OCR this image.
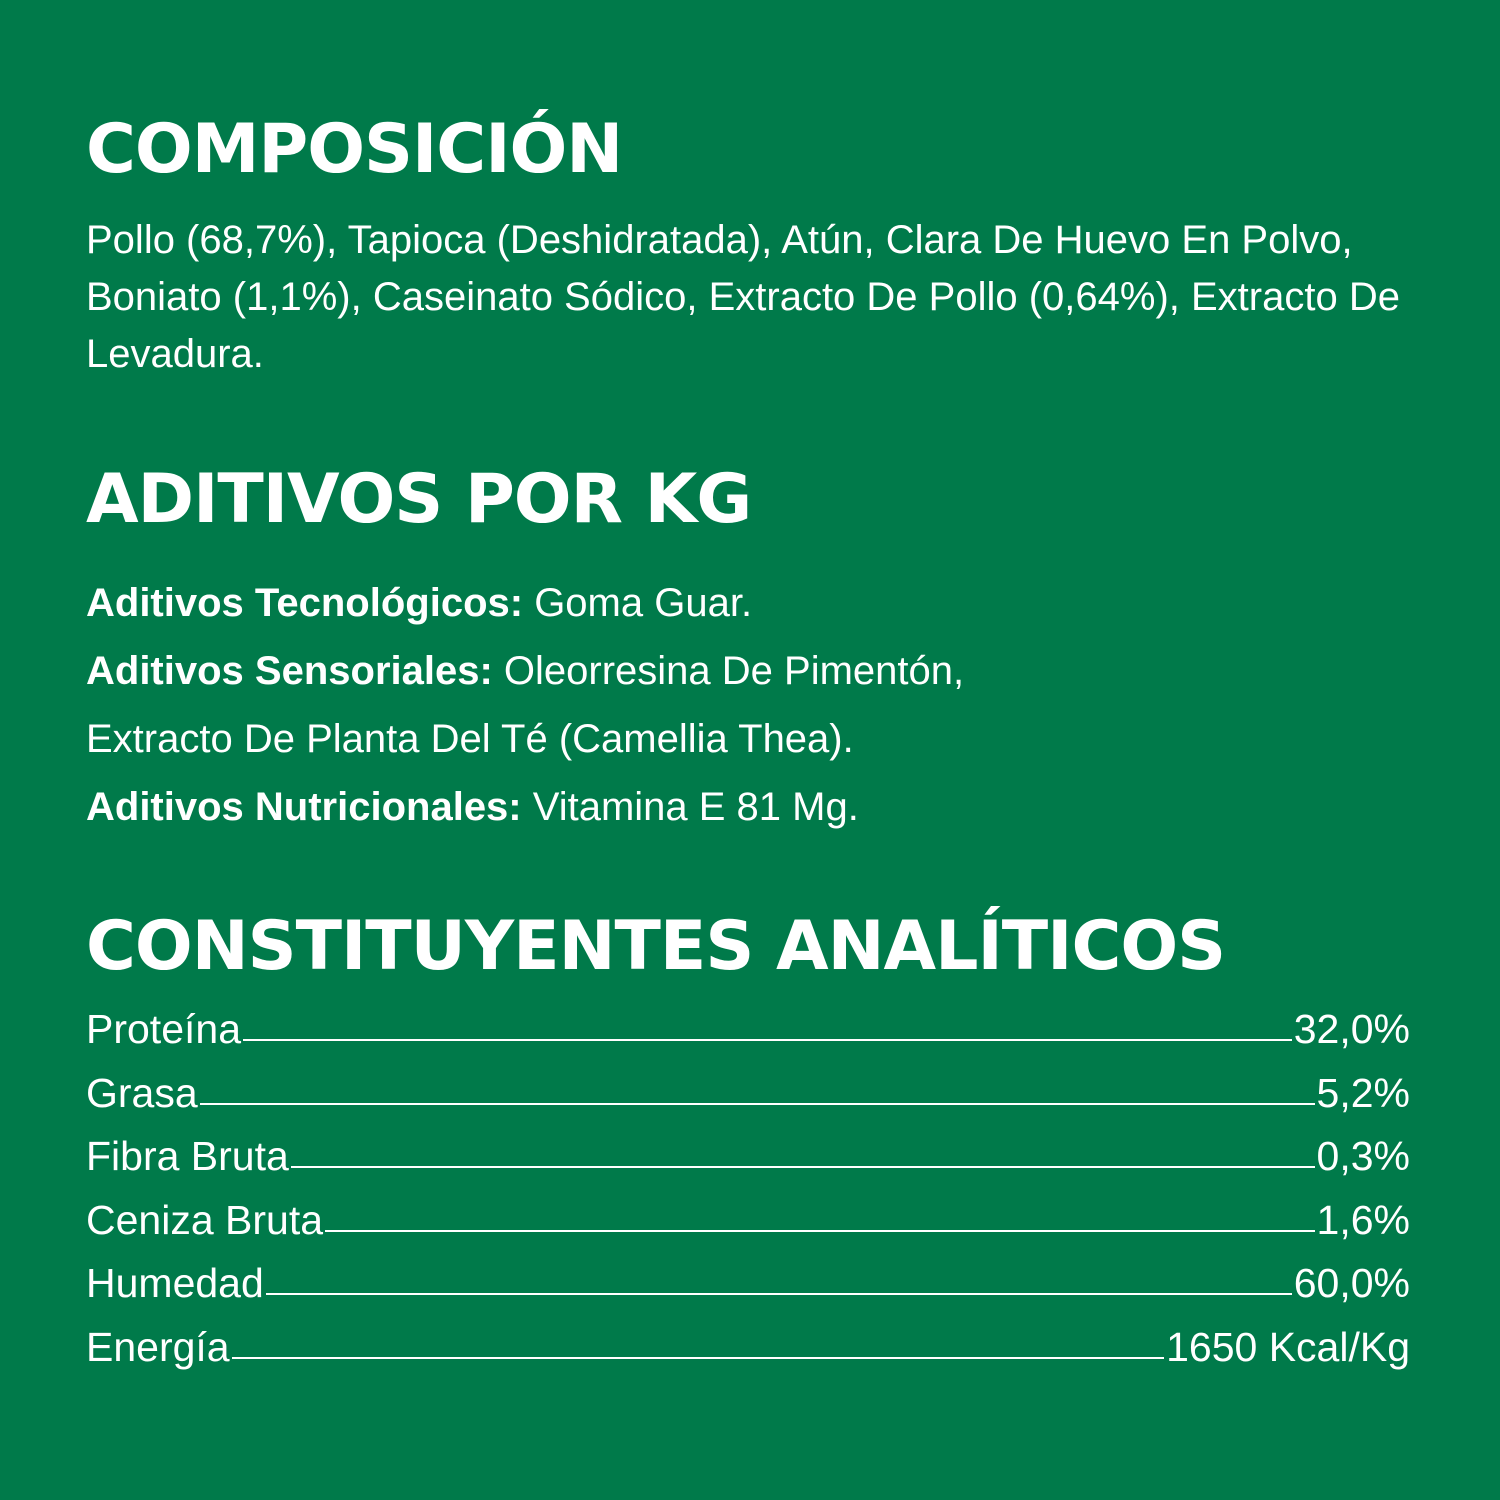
COMPOSICIÓN

Pollo (68,7%), Tapioca (Deshidratada), Atún, Clara De Huevo En Polvo, Boniato (1,1%), Caseinato Sódico, Extracto De Pollo (0,64%), Extracto De Levadura.

ADITIVOS POR KG

Aditivos Tecnológicos: Goma Guar.

Aditivos Sensoriales: Oleorresina De Pimentón,

Extracto De Planta Del Té (Camellia Thea).

Aditivos Nutricionales: Vitamina E 81 Mg.

CONSTITUYENTES ANALÍTICOS
Proteína	32,0%
Grasa	5,2%
Fibra Bruta	0,3%
Ceniza Bruta	1,6%
Humedad	60,0%
Energía	1650 Kcal/Kg
